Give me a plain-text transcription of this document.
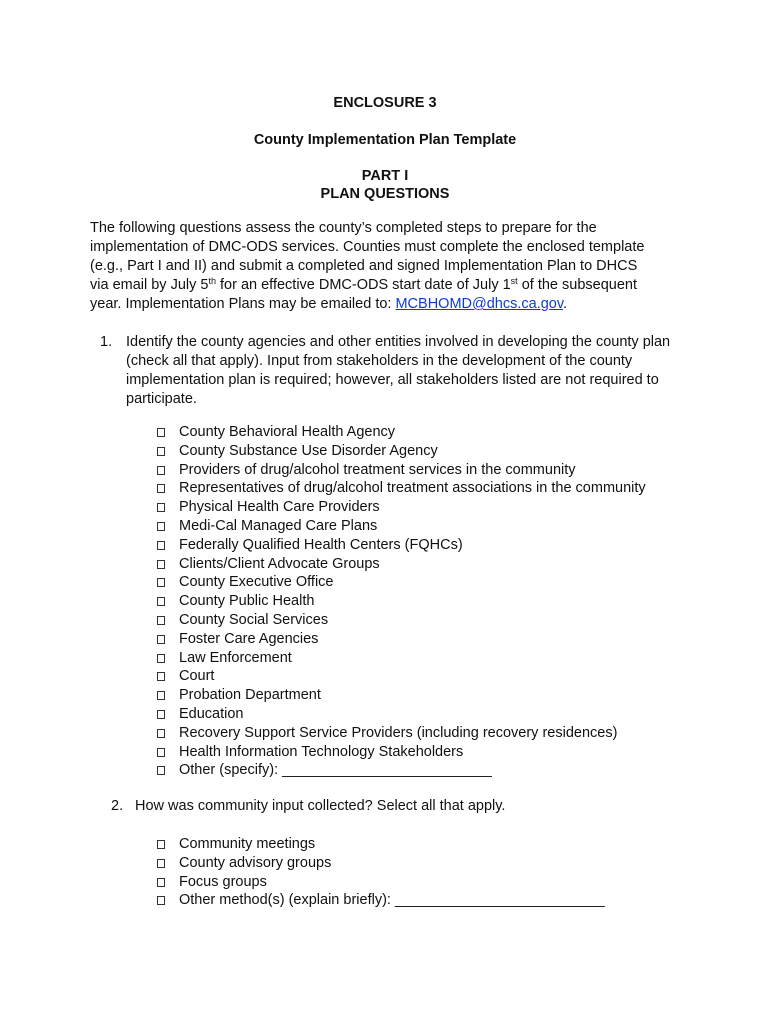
ENCLOSURE 3
County Implementation Plan Template
PART I
PLAN QUESTIONS

The following questions assess the county’s completed steps to prepare for the

implementation of DMC-ODS services. Counties must complete the enclosed template

(e.g., Part I and II) and submit a completed and signed Implementation Plan to DHCS

via email by July 5th for an effective DMC-ODS start date of July 1st of the subsequent

year. Implementation Plans may be emailed to: MCBHOMD@dhcs.ca.gov.

1. Identify the county agencies and other entities involved in developing the county plan

(check all that apply). Input from stakeholders in the development of the county

implementation plan is required; however, all stakeholders listed are not required to

participate.

County Behavioral Health Agency
County Substance Use Disorder Agency
Providers of drug/alcohol treatment services in the community
Representatives of drug/alcohol treatment associations in the community
Physical Health Care Providers
Medi-Cal Managed Care Plans
Federally Qualified Health Centers (FQHCs)
Clients/Client Advocate Groups
County Executive Office
County Public Health
County Social Services
Foster Care Agencies
Law Enforcement
Court
Probation Department
Education
Recovery Support Service Providers (including recovery residences)
Health Information Technology Stakeholders
Other (specify): __________________________
2. How was community input collected? Select all that apply.

Community meetings
County advisory groups
Focus groups
Other method(s) (explain briefly): __________________________
